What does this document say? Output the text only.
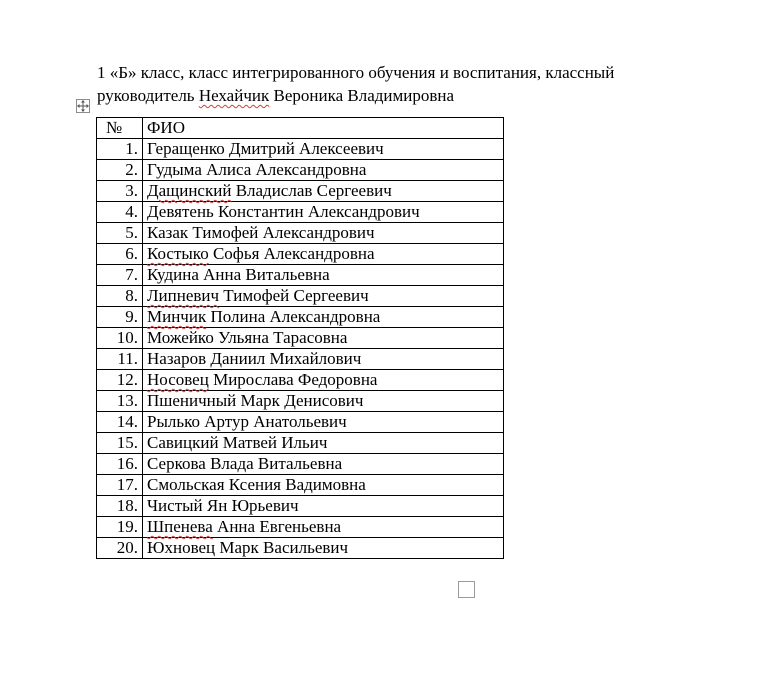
1 «Б» класс, класс интегрированного обучения и воспитания, классный
руководитель Нехайчик Вероника Владимировна
№	ФИО
1.	Геращенко Дмитрий Алексеевич
2.	Гудыма Алиса Александровна
3.	Дащинский Владислав Сергеевич
4.	Девятень Константин Александрович
5.	Казак Тимофей Александрович
6.	Костыко Софья Александровна
7.	Кудина Анна Витальевна
8.	Липневич Тимофей Сергеевич
9.	Минчик Полина Александровна
10.	Можейко Ульяна Тарасовна
11.	Назаров Даниил Михайлович
12.	Носовец Мирослава Федоровна
13.	Пшеничный Марк Денисович
14.	Рылько Артур Анатольевич
15.	Савицкий Матвей Ильич
16.	Серкова Влада Витальевна
17.	Смольская Ксения Вадимовна
18.	Чистый Ян Юрьевич
19.	Шпенева Анна Евгеньевна
20.	Юхновец Марк Васильевич
